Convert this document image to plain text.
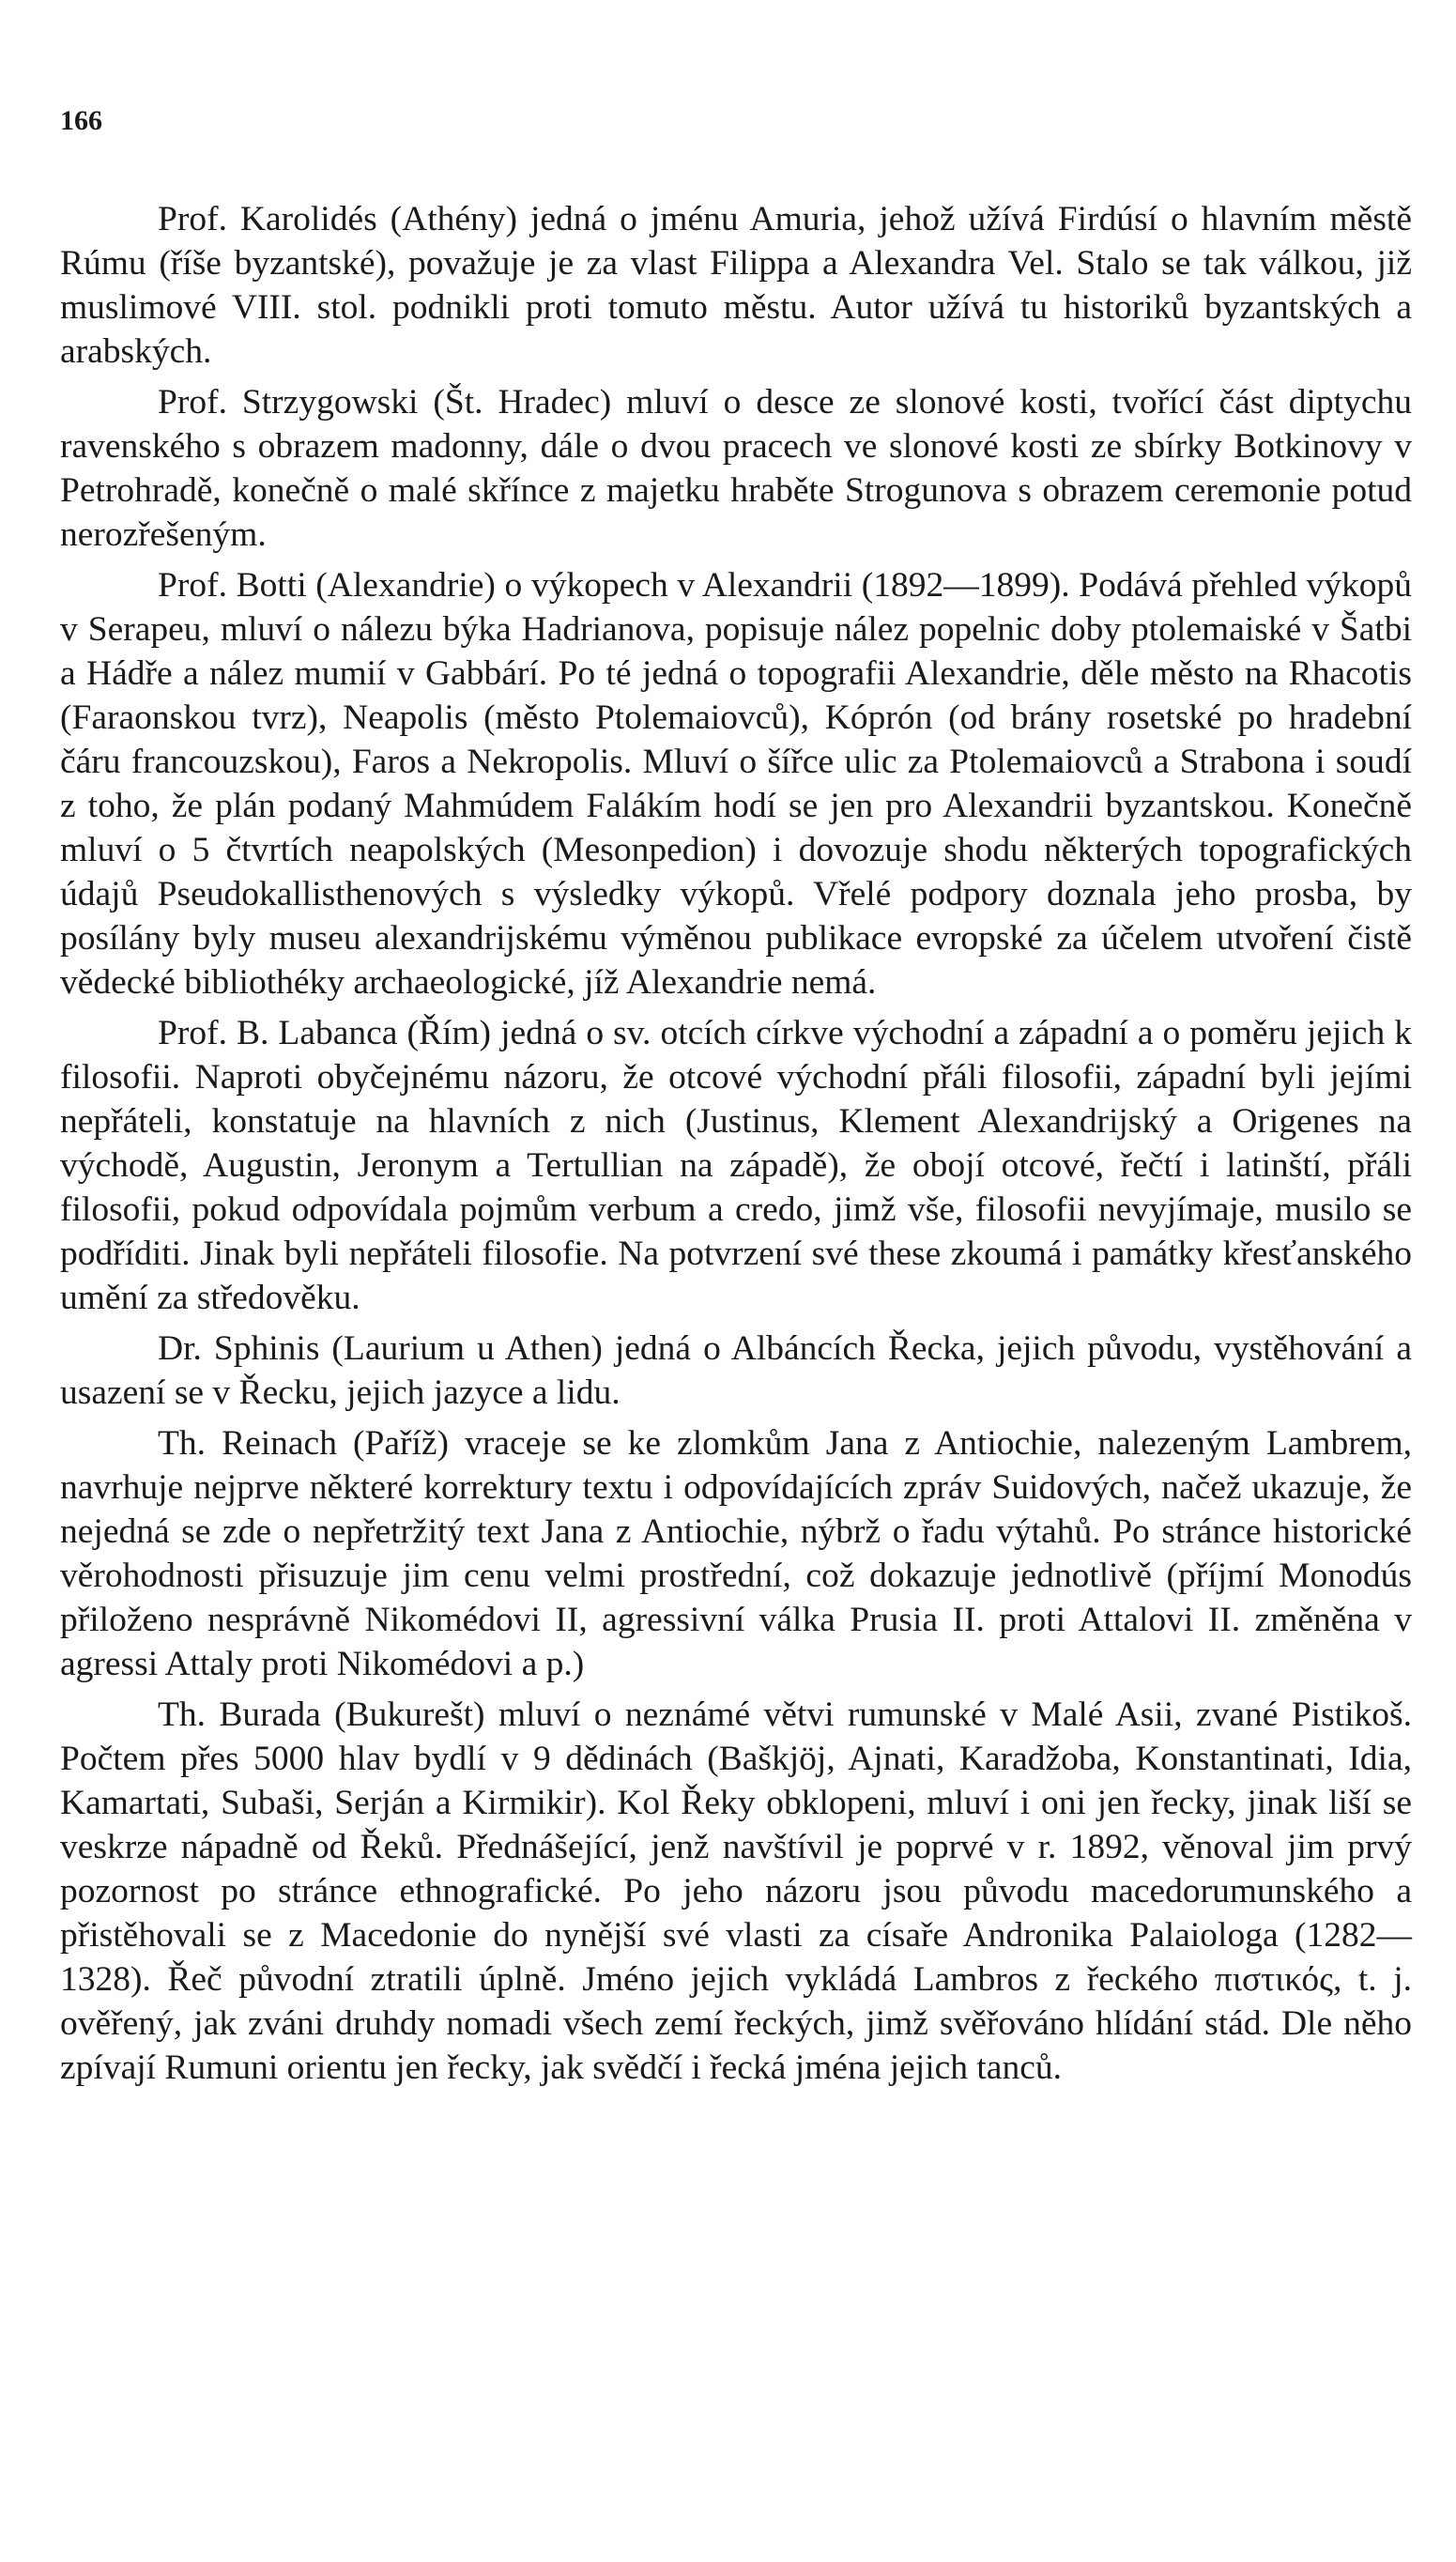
166

Prof. Karolidés (Athény) jedná o jménu Amuria, jehož užívá Firdúsí o hlavním městě Rúmu (říše byzantské), považuje je za vlast Filippa a Alexandra Vel. Stalo se tak válkou, již muslimové VIII. stol. podnikli proti tomuto městu. Autor užívá tu historiků byzantských a arabských.

Prof. Strzygowski (Št. Hradec) mluví o desce ze slonové kosti, tvořící část diptychu ravenského s obrazem madonny, dále o dvou pracech ve slonové kosti ze sbírky Botkinovy v Petrohradě, konečně o malé skříncе z majetku hraběte Strogunova s obrazem ceremonie potud nerozřešeným.

Prof. Botti (Alexandrie) o výkopech v Alexandrii (1892—1899). Podává přehled výkopů v Serapeu, mluví o nálezu býka Hadrianova, popisuje nález popelnic doby ptolemaiské v Šatbi a Hádře a nález mumií v Gabbárí. Po té jedná o topografii Alexandrie, děle město na Rhacotis (Faraonskou tvrz), Neapolis (město Ptolemaiovců), Kóprón (od brány rosetské po hradební čáru francouzskou), Faros a Nekropolis. Mluví o šířce ulic za Ptolemaiovců a Strabona i soudí z toho, že plán podaný Mahmúdem Falákím hodí se jen pro Alexandrii byzantskou. Konečně mluví o 5 čtvrtích neapolských (Mesonpedion) i dovozuje shodu některých topografických údajů Pseudokallisthenových s výsledky výkopů. Vřelé podpory doznala jeho prosba, by posílány byly museu alexandrijskému výměnou publikace evropské za účelem utvoření čistě vědecké bibliothéky archaeologické, jíž Alexandrie nemá.

Prof. B. Labanca (Řím) jedná o sv. otcích církve východní a západní a o poměru jejich k filosofii. Naproti obyčejnému názoru, že otcové východní přáli filosofii, západní byli jejími nepřáteli, konstatuje na hlavních z nich (Justinus, Klement Alexandrijský a Origenes na východě, Augustin, Jeronym a Tertullian na západě), že obojí otcové, řečtí i latinští, přáli filosofii, pokud odpovídala pojmům verbum a credo, jimž vše, filosofii nevyjímaje, musilo se podříditi. Jinak byli nepřáteli filosofie. Na potvrzení své these zkoumá i památky křesťanského umění za středověku.

Dr. Sphinis (Laurium u Athen) jedná o Albáncích Řecka, jejich původu, vystěhování a usazení se v Řecku, jejich jazyce a lidu.

Th. Reinach (Paříž) vraceje se ke zlomkům Jana z Antiochie, nalezeným Lambrem, navrhuje nejprve některé korrektury textu i odpovídajících zpráv Suidových, načež ukazuje, že nejedná se zde o nepřetržitý text Jana z Antiochie, nýbrž o řadu výtahů. Po stránce historické věrohodnosti přisuzuje jim cenu velmi prostřední, což dokazuje jednotlivě (příjmí Monodús přiloženo nesprávně Nikomédovi II, agressivní válka Prusia II. proti Attalovi II. změněna v agressi Attaly proti Nikomédovi a p.)

Th. Burada (Bukurešt) mluví o neznámé větvi rumunské v Malé Asii, zvané Pistikoš. Počtem přes 5000 hlav bydlí v 9 dědinách (Baškjöj, Ajnati, Karadžoba, Konstantinati, Idia, Kamartati, Subaši, Serján a Kirmikir). Kol Řeky obklopeni, mluví i oni jen řecky, jinak liší se veskrze nápadně od Řeků. Přednášející, jenž navštívil je poprvé v r. 1892, věnoval jim prvý pozornost po stránce ethnografické. Po jeho názoru jsou původu macedorumunského a přistěhovali se z Macedonie do nynější své vlasti za císaře Andronika Palaiologa (1282—1328). Řeč původní ztratili úplně. Jméno jejich vykládá Lambros z řeckého πιστικός, t. j. ověřený, jak zváni druhdy nomadi všech zemí řeckých, jimž svěřováno hlídání stád. Dle něho zpívají Rumuni orientu jen řecky, jak svědčí i řecká jména jejich tanců.
